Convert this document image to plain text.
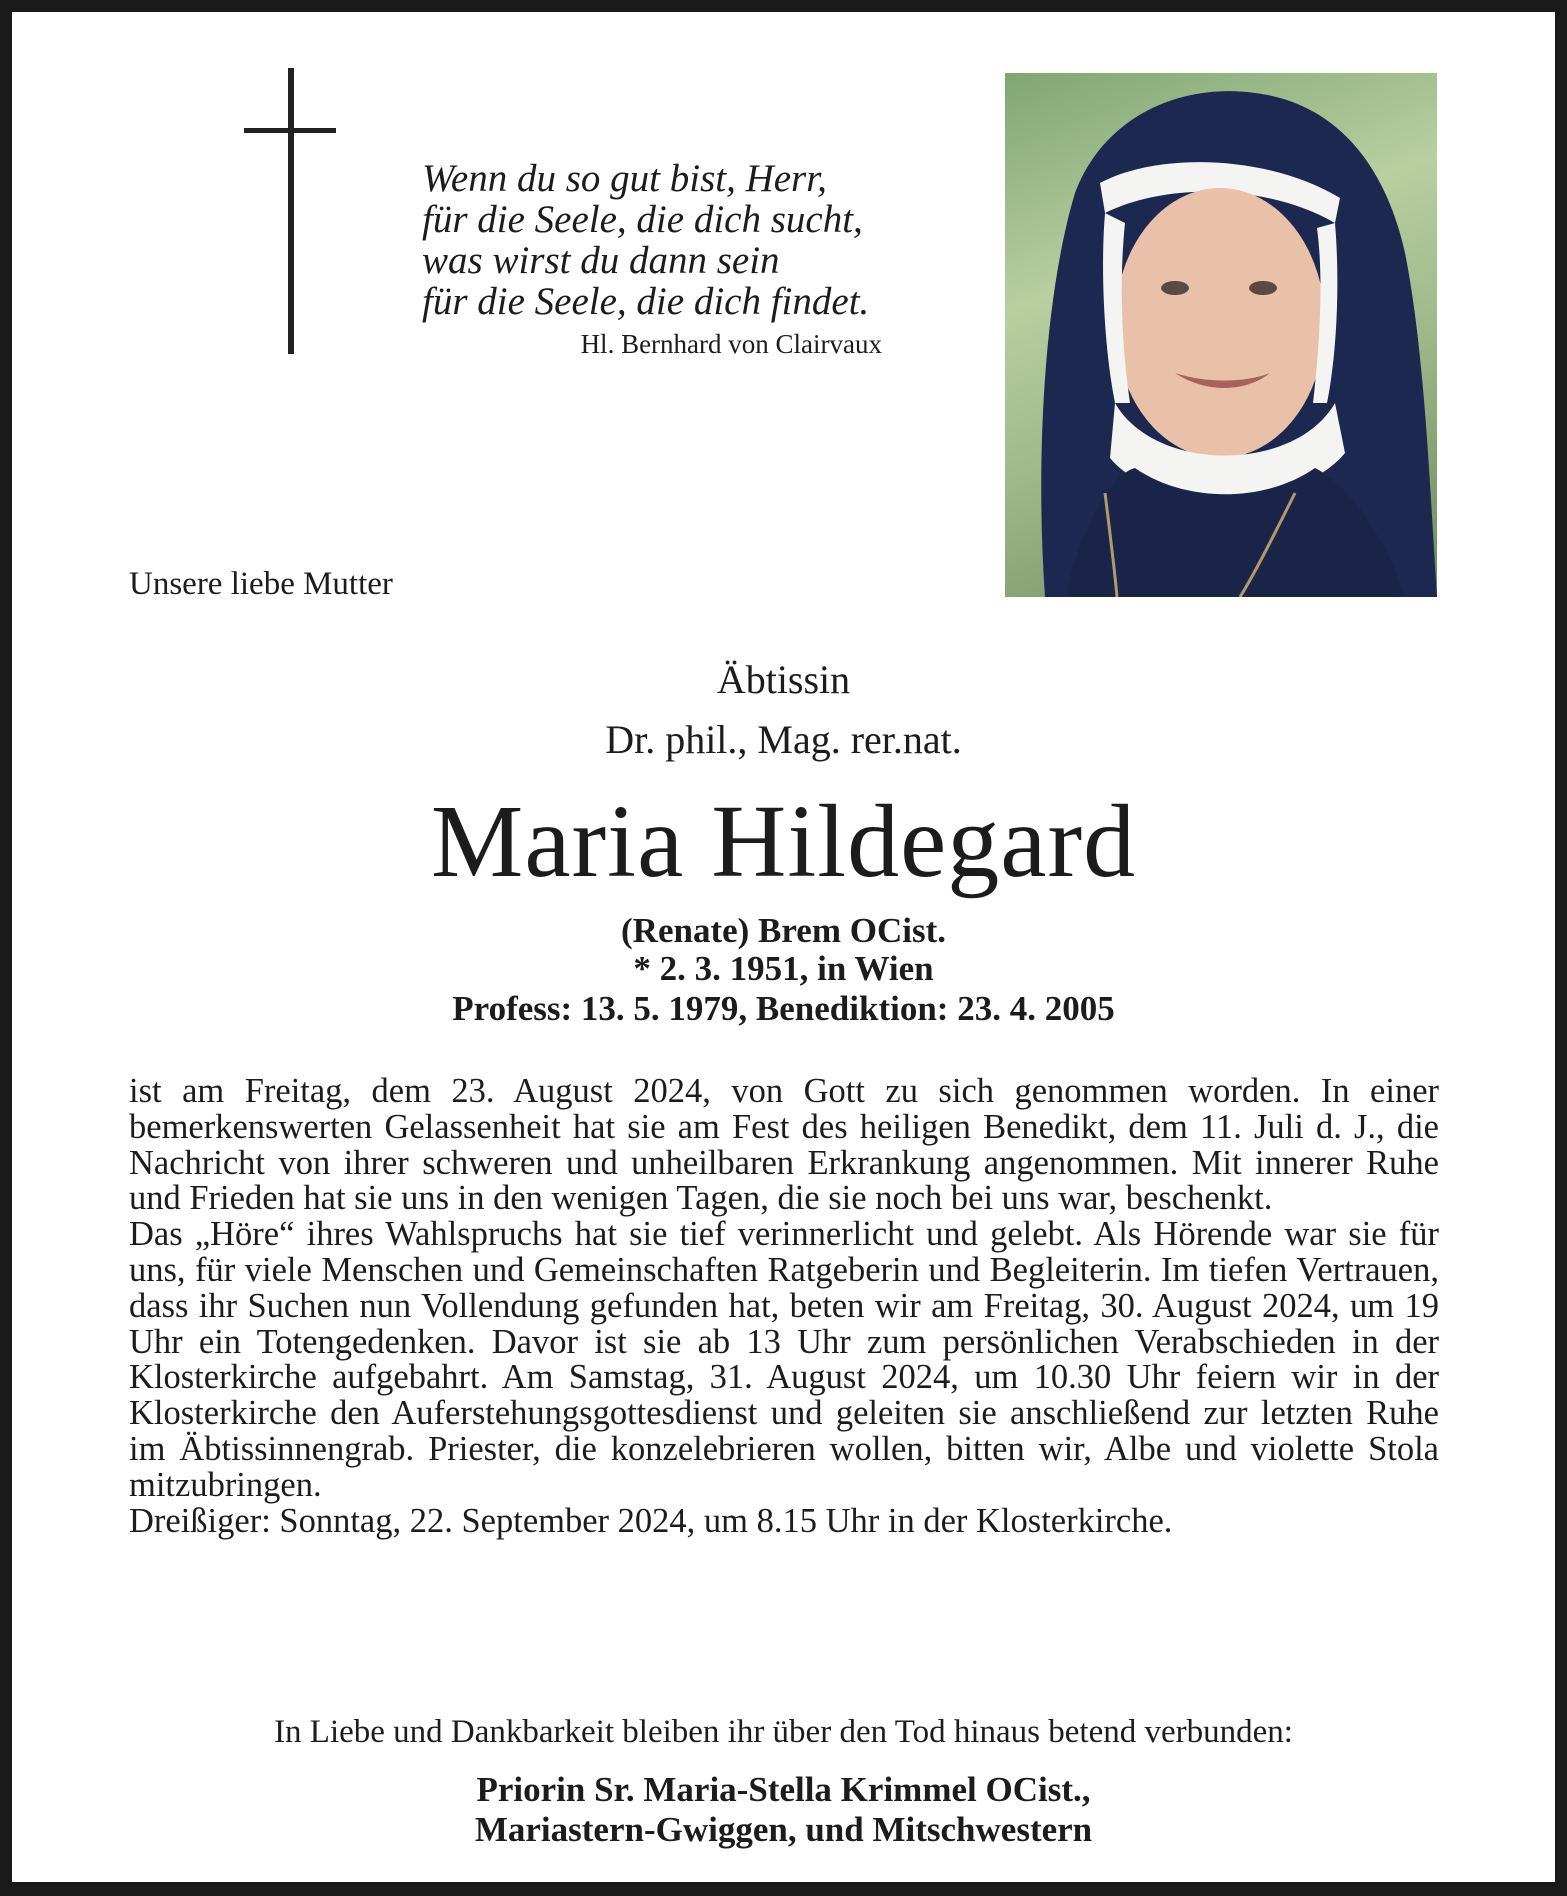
Wenn du so gut bist, Herr,
für die Seele, die dich sucht,
was wirst du dann sein
für die Seele, die dich findet.
Hl. Bernhard von Clairvaux
Unsere liebe Mutter
Äbtissin
Dr. phil., Mag. rer.nat.
Maria Hildegard
(Renate) Brem OCist.
* 2. 3. 1951, in Wien
Profess: 13. 5. 1979, Benediktion: 23. 4. 2005

ist am Freitag, dem 23. August 2024, von Gott zu sich genommen worden. In einer bemerkenswerten Gelassenheit hat sie am Fest des heiligen Benedikt, dem 11. Juli d. J., die Nachricht von ihrer schweren und unheilbaren Erkrankung angenommen. Mit innerer Ruhe und Frieden hat sie uns in den wenigen Tagen, die sie noch bei uns war, beschenkt.

Das „Höre“ ihres Wahlspruchs hat sie tief verinnerlicht und gelebt. Als Hörende war sie für uns, für viele Menschen und Gemeinschaften Ratgeberin und Begleiterin. Im tiefen Vertrauen, dass ihr Suchen nun Vollendung gefunden hat, beten wir am Freitag, 30. August 2024, um 19 Uhr ein Totengedenken. Davor ist sie ab 13 Uhr zum persönlichen Verabschieden in der Klosterkirche aufgebahrt. Am Samstag, 31. August 2024, um 10.30 Uhr feiern wir in der Klosterkirche den Auferstehungsgottesdienst und geleiten sie anschließend zur letzten Ruhe im Äbtissinnengrab. Priester, die konzelebrieren wollen, bitten wir, Albe und violette Stola mitzubringen.

Dreißiger: Sonntag, 22. September 2024, um 8.15 Uhr in der Klosterkirche.

In Liebe und Dankbarkeit bleiben ihr über den Tod hinaus betend verbunden:
Priorin Sr. Maria-Stella Krimmel OCist.,
Mariastern-Gwiggen, und Mitschwestern
